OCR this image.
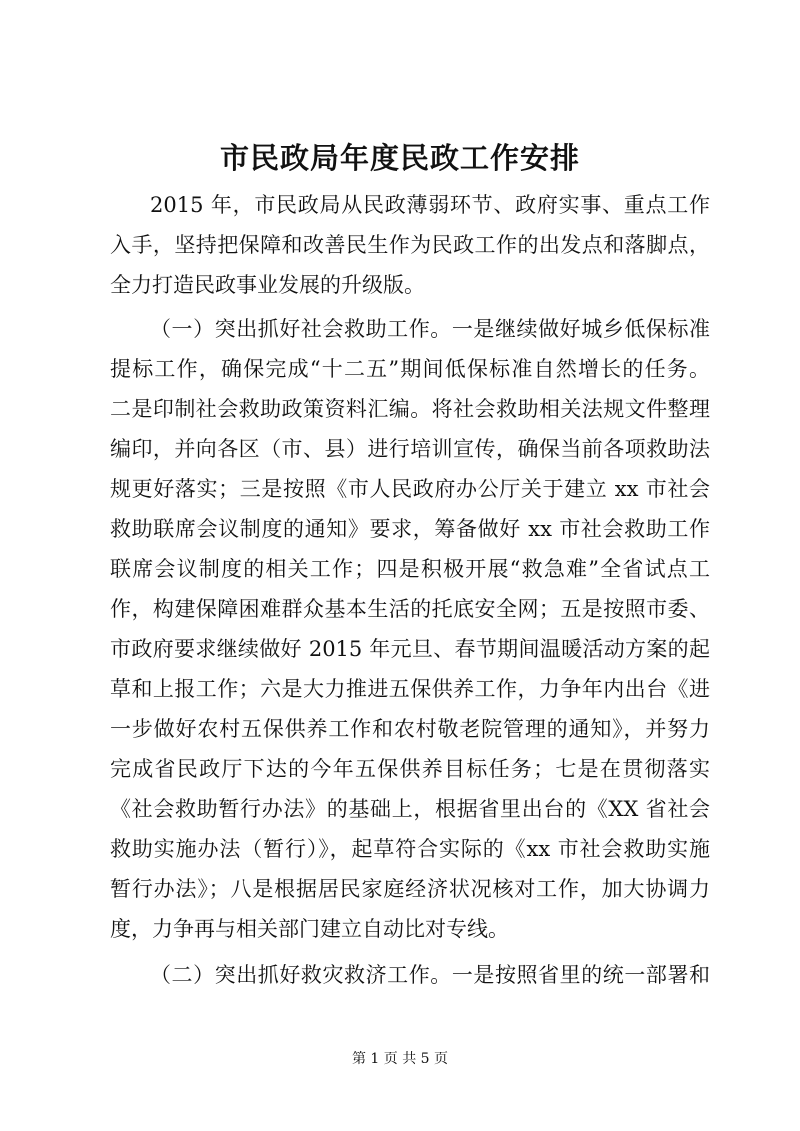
市民政局年度民政工作安排
2015 年，市民政局从民政薄弱环节、政府实事、重点工作
入手，坚持把保障和改善民生作为民政工作的出发点和落脚点，
全力打造民政事业发展的升级版。
（一）突出抓好社会救助工作。一是继续做好城乡低保标准
提标工作，确保完成“十二五”期间低保标准自然增长的任务。
二是印制社会救助政策资料汇编。将社会救助相关法规文件整理
编印，并向各区（市、县）进行培训宣传，确保当前各项救助法
规更好落实；三是按照《市人民政府办公厅关于建立 xx 市社会
救助联席会议制度的通知》要求，筹备做好 xx 市社会救助工作
联席会议制度的相关工作；四是积极开展“救急难”全省试点工
作，构建保障困难群众基本生活的托底安全网；五是按照市委、
市政府要求继续做好 2015 年元旦、春节期间温暖活动方案的起
草和上报工作；六是大力推进五保供养工作，力争年内出台《进
一步做好农村五保供养工作和农村敬老院管理的通知》，并努力
完成省民政厅下达的今年五保供养目标任务；七是在贯彻落实
《社会救助暂行办法》的基础上，根据省里出台的《XX 省社会
救助实施办法（暂行）》，起草符合实际的《xx 市社会救助实施
暂行办法》；八是根据居民家庭经济状况核对工作，加大协调力
度，力争再与相关部门建立自动比对专线。
（二）突出抓好救灾救济工作。一是按照省里的统一部署和
第 1 页 共 5 页
